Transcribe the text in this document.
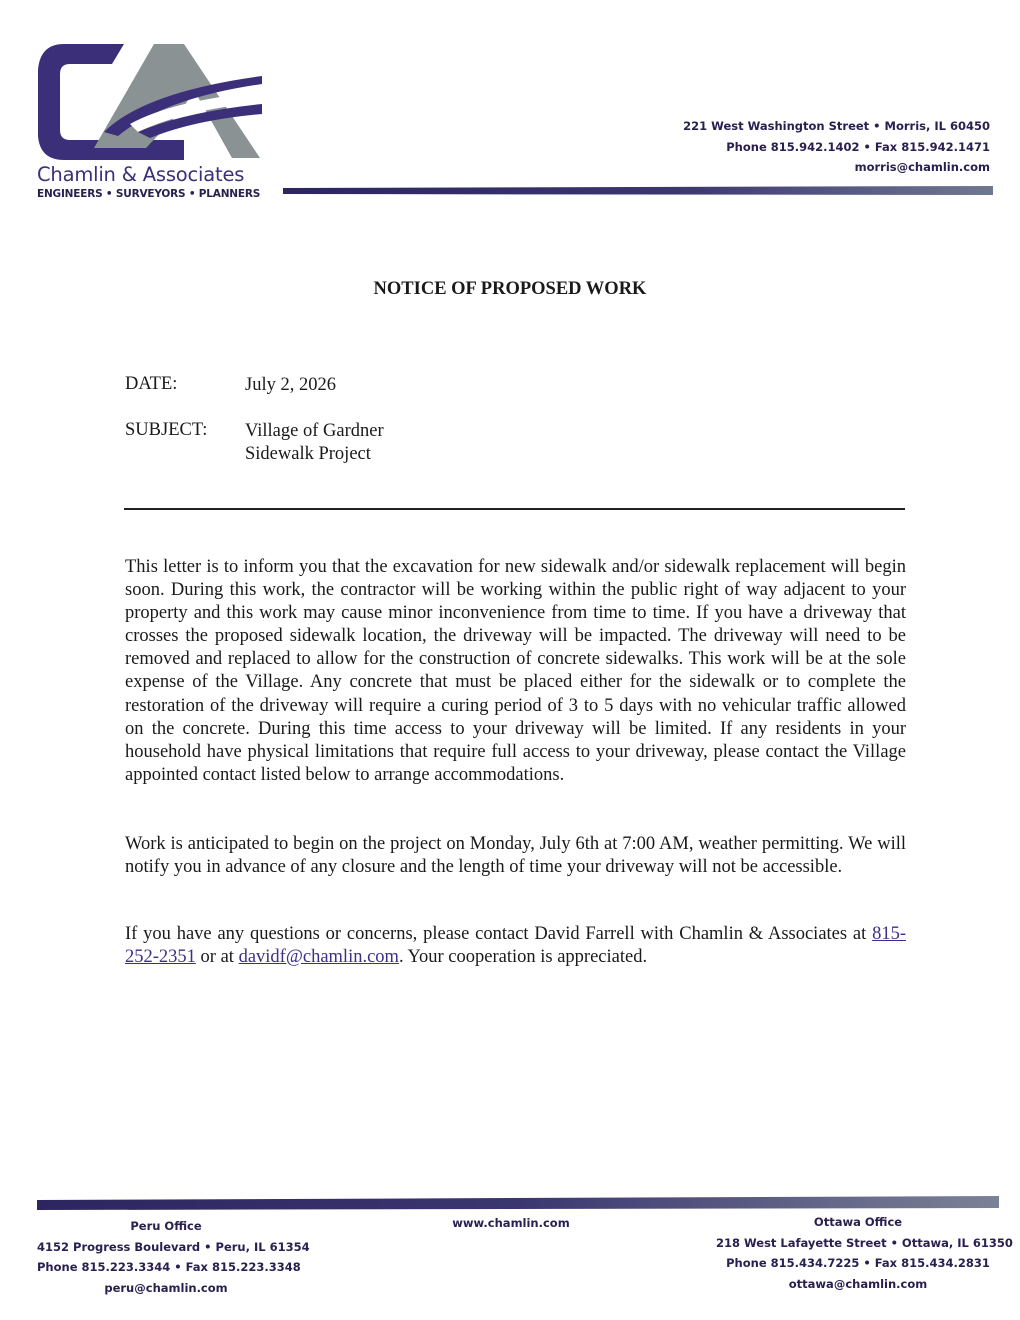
Chamlin & Associates
ENGINEERS • SURVEYORS • PLANNERS
221 West Washington Street • Morris, IL 60450
Phone 815.942.1402 • Fax 815.942.1471
morris@chamlin.com
NOTICE OF PROPOSED WORK
DATE:	July 2, 2026
SUBJECT: Village of Gardner
Sidewalk Project
This letter is to inform you that the excavation for new sidewalk and/or sidewalk replacement will begin soon. During this work, the contractor will be working within the public right of way adjacent to your property and this work may cause minor inconvenience from time to time. If you have a driveway that crosses the proposed sidewalk location, the driveway will be impacted. The driveway will need to be removed and replaced to allow for the construction of concrete sidewalks. This work will be at the sole expense of the Village. Any concrete that must be placed either for the sidewalk or to complete the restoration of the driveway will require a curing period of 3 to 5 days with no vehicular traffic allowed on the concrete. During this time access to your driveway will be limited. If any residents in your household have physical limitations that require full access to your driveway, please contact the Village appointed contact listed below to arrange accommodations.
Work is anticipated to begin on the project on Monday, July 6th at 7:00 AM, weather permitting. We will notify you in advance of any closure and the length of time your driveway will not be accessible.
If you have any questions or concerns, please contact David Farrell with Chamlin & Associates at 815-252-2351 or at davidf@chamlin.com. Your cooperation is appreciated.
Peru Office
4152 Progress Boulevard • Peru, IL 61354
Phone 815.223.3344 • Fax 815.223.3348
peru@chamlin.com
www.chamlin.com	Ottawa Office
218 West Lafayette Street • Ottawa, IL 61350
Phone 815.434.7225 • Fax 815.434.2831
ottawa@chamlin.com
